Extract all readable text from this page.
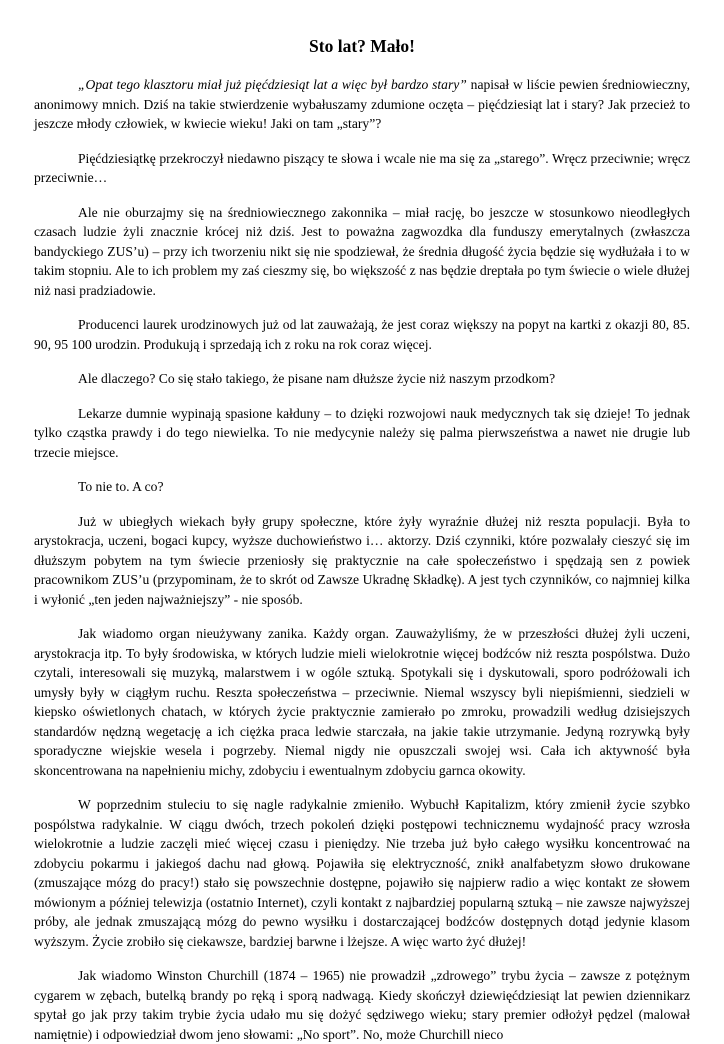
Sto lat? Mało!

„Opat tego klasztoru miał już pięćdziesiąt lat a więc był bardzo stary” napisał w liście pewien średniowieczny, anonimowy mnich. Dziś na takie stwierdzenie wybałuszamy zdumione oczęta – pięćdziesiąt lat i stary? Jak przecież to jeszcze młody człowiek, w kwiecie wieku! Jaki on tam „stary”?

Pięćdziesiątkę przekroczył niedawno piszący te słowa i wcale nie ma się za „starego”. Wręcz przeciwnie; wręcz przeciwnie…

Ale nie oburzajmy się na średniowiecznego zakonnika – miał rację, bo jeszcze w stosunkowo nieodległych czasach ludzie żyli znacznie krócej niż dziś. Jest to poważna zagwozdka dla funduszy emerytalnych (zwłaszcza bandyckiego ZUS’u) – przy ich tworzeniu nikt się nie spodziewał, że średnia długość życia będzie się wydłużała i to w takim stopniu. Ale to ich problem my zaś cieszmy się, bo większość z nas będzie dreptała po tym świecie o wiele dłużej niż nasi pradziadowie.

Producenci laurek urodzinowych już od lat zauważają, że jest coraz większy na popyt na kartki z okazji 80, 85. 90, 95 100 urodzin. Produkują i sprzedają ich z roku na rok coraz więcej.

Ale dlaczego? Co się stało takiego, że pisane nam dłuższe życie niż naszym przodkom?

Lekarze dumnie wypinają spasione kałduny – to dzięki rozwojowi nauk medycznych tak się dzieje! To jednak tylko cząstka prawdy i do tego niewielka. To nie medycynie należy się palma pierwszeństwa a nawet nie drugie lub trzecie miejsce.

To nie to. A co?

Już w ubiegłych wiekach były grupy społeczne, które żyły wyraźnie dłużej niż reszta populacji. Była to arystokracja, uczeni, bogaci kupcy, wyższe duchowieństwo i… aktorzy. Dziś czynniki, które pozwalały cieszyć się im dłuższym pobytem na tym świecie przeniosły się praktycznie na całe społeczeństwo i spędzają sen z powiek pracownikom ZUS’u (przypominam, że to skrót od Zawsze Ukradnę Składkę). A jest tych czynników, co najmniej kilka i wyłonić „ten jeden najważniejszy” - nie sposób.

Jak wiadomo organ nieużywany zanika. Każdy organ. Zauważyliśmy, że w przeszłości dłużej żyli uczeni, arystokracja itp. To były środowiska, w których ludzie mieli wielokrotnie więcej bodźców niż reszta pospólstwa. Dużo czytali, interesowali się muzyką, malarstwem i w ogóle sztuką. Spotykali się i dyskutowali, sporo podróżowali ich umysły były w ciągłym ruchu. Reszta społeczeństwa – przeciwnie. Niemal wszyscy byli niepiśmienni, siedzieli w kiepsko oświetlonych chatach, w których życie praktycznie zamierało po zmroku, prowadzili według dzisiejszych standardów nędzną wegetację a ich ciężka praca ledwie starczała, na jakie takie utrzymanie. Jedyną rozrywką były sporadyczne wiejskie wesela i pogrzeby. Niemal nigdy nie opuszczali swojej wsi. Cała ich aktywność była skoncentrowana na napełnieniu michy, zdobyciu i ewentualnym zdobyciu garnca okowity.

W poprzednim stuleciu to się nagle radykalnie zmieniło. Wybuchł Kapitalizm, który zmienił życie szybko pospólstwa radykalnie. W ciągu dwóch, trzech pokoleń dzięki postępowi technicznemu wydajność pracy wzrosła wielokrotnie a ludzie zaczęli mieć więcej czasu i pieniędzy. Nie trzeba już było całego wysiłku koncentrować na zdobyciu pokarmu i jakiegoś dachu nad głową. Pojawiła się elektryczność, znikł analfabetyzm słowo drukowane (zmuszające mózg do pracy!) stało się powszechnie dostępne, pojawiło się najpierw radio a więc kontakt ze słowem mówionym a później telewizja (ostatnio Internet), czyli kontakt z najbardziej popularną sztuką – nie zawsze najwyższej próby, ale jednak zmuszającą mózg do pewno wysiłku i dostarczającej bodźców dostępnych dotąd jedynie klasom wyższym. Życie zrobiło się ciekawsze, bardziej barwne i lżejsze. A więc warto żyć dłużej!

Jak wiadomo Winston Churchill (1874 – 1965) nie prowadził „zdrowego” trybu życia – zawsze z potężnym cygarem w zębach, butelką brandy po ręką i sporą nadwagą. Kiedy skończył dziewięćdziesiąt lat pewien dziennikarz spytał go jak przy takim trybie życia udało mu się dożyć sędziwego wieku; stary premier odłożył pędzel (malował namiętnie) i odpowiedział dwom jeno słowami: „No sport”. No, może Churchill nieco
